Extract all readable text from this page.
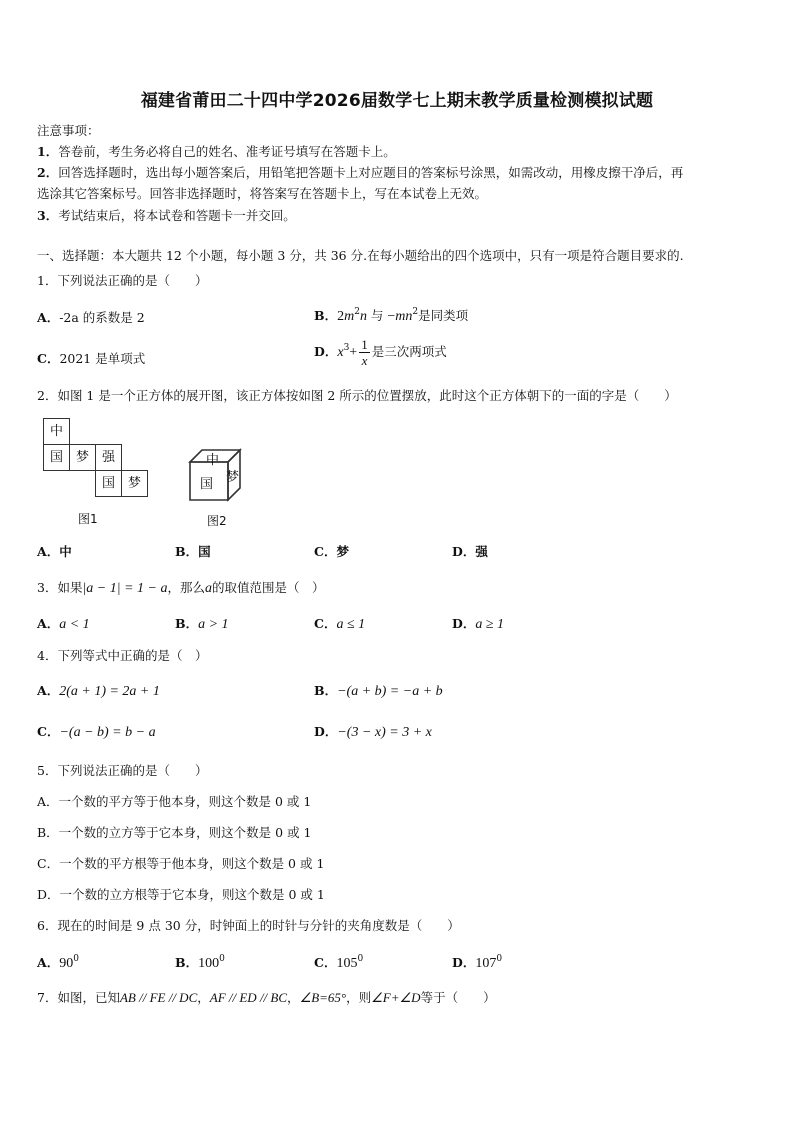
福建省莆田二十四中学2026届数学七上期末教学质量检测模拟试题
注意事项：
1．答卷前，考生务必将自己的姓名、准考证号填写在答题卡上。
2．回答选择题时，选出每小题答案后，用铅笔把答题卡上对应题目的答案标号涂黑，如需改动，用橡皮擦干净后，再
选涂其它答案标号。回答非选择题时，将答案写在答题卡上，写在本试卷上无效。
3．考试结束后，将本试卷和答题卡一并交回。
一、选择题：本大题共 12 个小题，每小题 3 分，共 36 分.在每小题给出的四个选项中，只有一项是符合题目要求的.
1．下列说法正确的是（　　）
A．-2a 的系数是 2	B．$2m^2n$ 与 $-mn^2$是同类项
C．2021 是单项式	D．$x^3+ \frac{1}{x}$ 是三次两项式
2．如图 1 是一个正方体的展开图，该正方体按如图 2 所示的位置摆放，此时这个正方体朝下的一面的字是（　　）
中
国 梦 强
国 梦
图1
中
国 梦
图2
A．中	B．国	C．梦	D．强
3．如果|a − 1| = 1 − a，那么a的取值范围是（　）
A．a < 1	B．a > 1	C．a ≤ 1	D．a ≥ 1
4．下列等式中正确的是（　）
A．2(a + 1) = 2a + 1	B．−(a + b) = −a + b
C．−(a − b) = b − a	D．−(3 − x) = 3 + x
5．下列说法正确的是（　　）
A．一个数的平方等于他本身，则这个数是 0 或 1
B．一个数的立方等于它本身，则这个数是 0 或 1
C．一个数的平方根等于他本身，则这个数是 0 或 1
D．一个数的立方根等于它本身，则这个数是 0 或 1
6．现在的时间是 9 点 30 分，时钟面上的时针与分针的夹角度数是（　　）
A．$90^0$	B．$100^0$	C．$105^0$	D．$107^0$
7．如图，已知AB // FE // DC，AF // ED // BC，∠B=65°，则∠F+∠D等于（　　）
